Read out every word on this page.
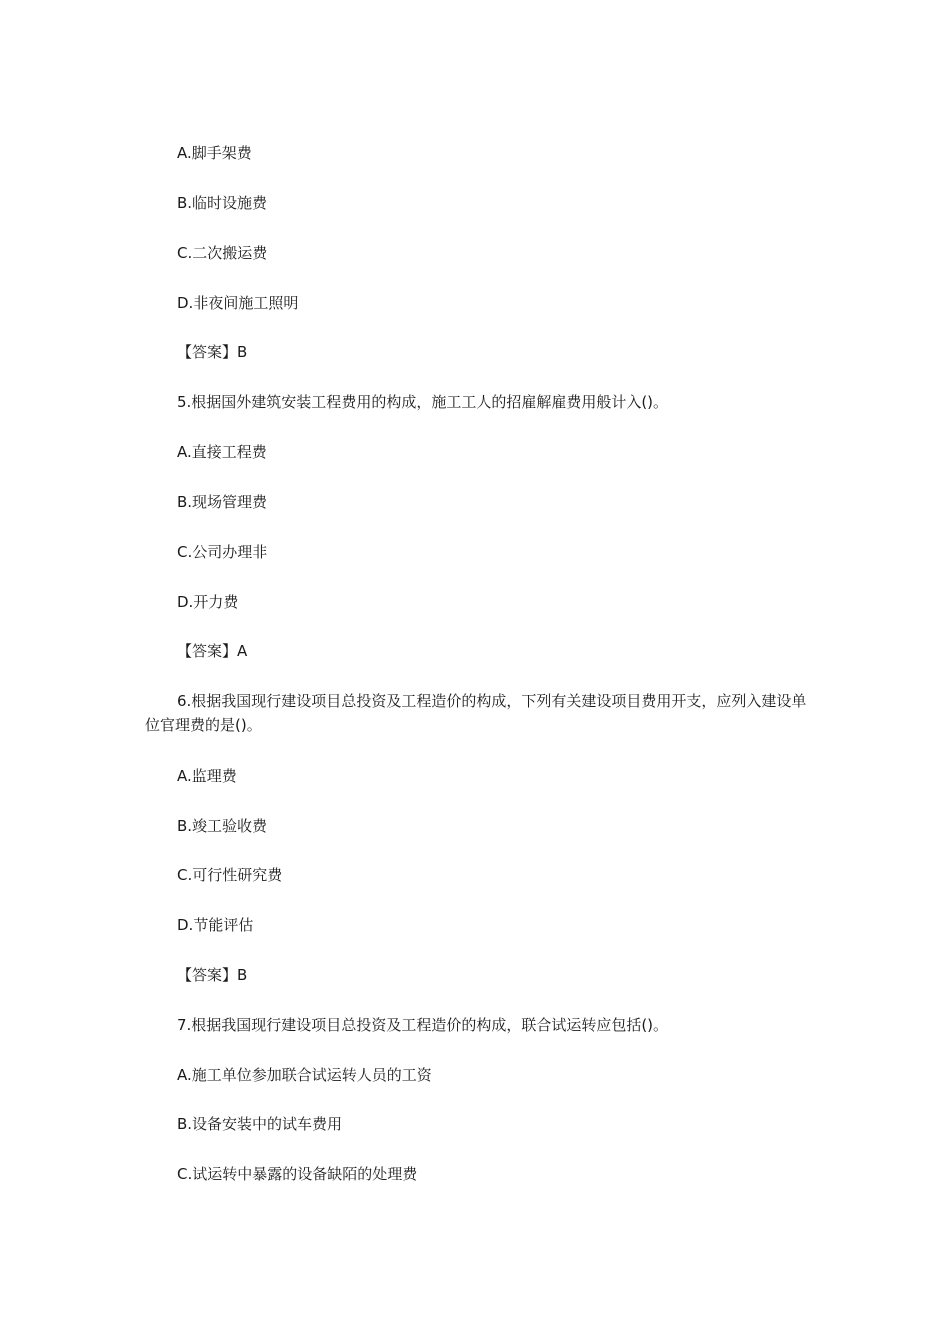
A.脚手架费

B.临时设施费

C.二次搬运费

D.非夜间施工照明

【答案】B

5.根据国外建筑安装工程费用的构成，施工工人的招雇解雇费用般计入()。

A.直接工程费

B.现场管理费

C.公司办理非

D.开力费

【答案】A

6.根据我国现行建设项目总投资及工程造价的构成，下列有关建设项目费用开支，应列入建设单位官理费的是()。

A.监理费

B.竣工验收费

C.可行性研究费

D.节能评估

【答案】B

7.根据我国现行建设项目总投资及工程造价的构成，联合试运转应包括()。

A.施工单位参加联合试运转人员的工资

B.设备安装中的试车费用

C.试运转中暴露的设备缺陌的处理费
